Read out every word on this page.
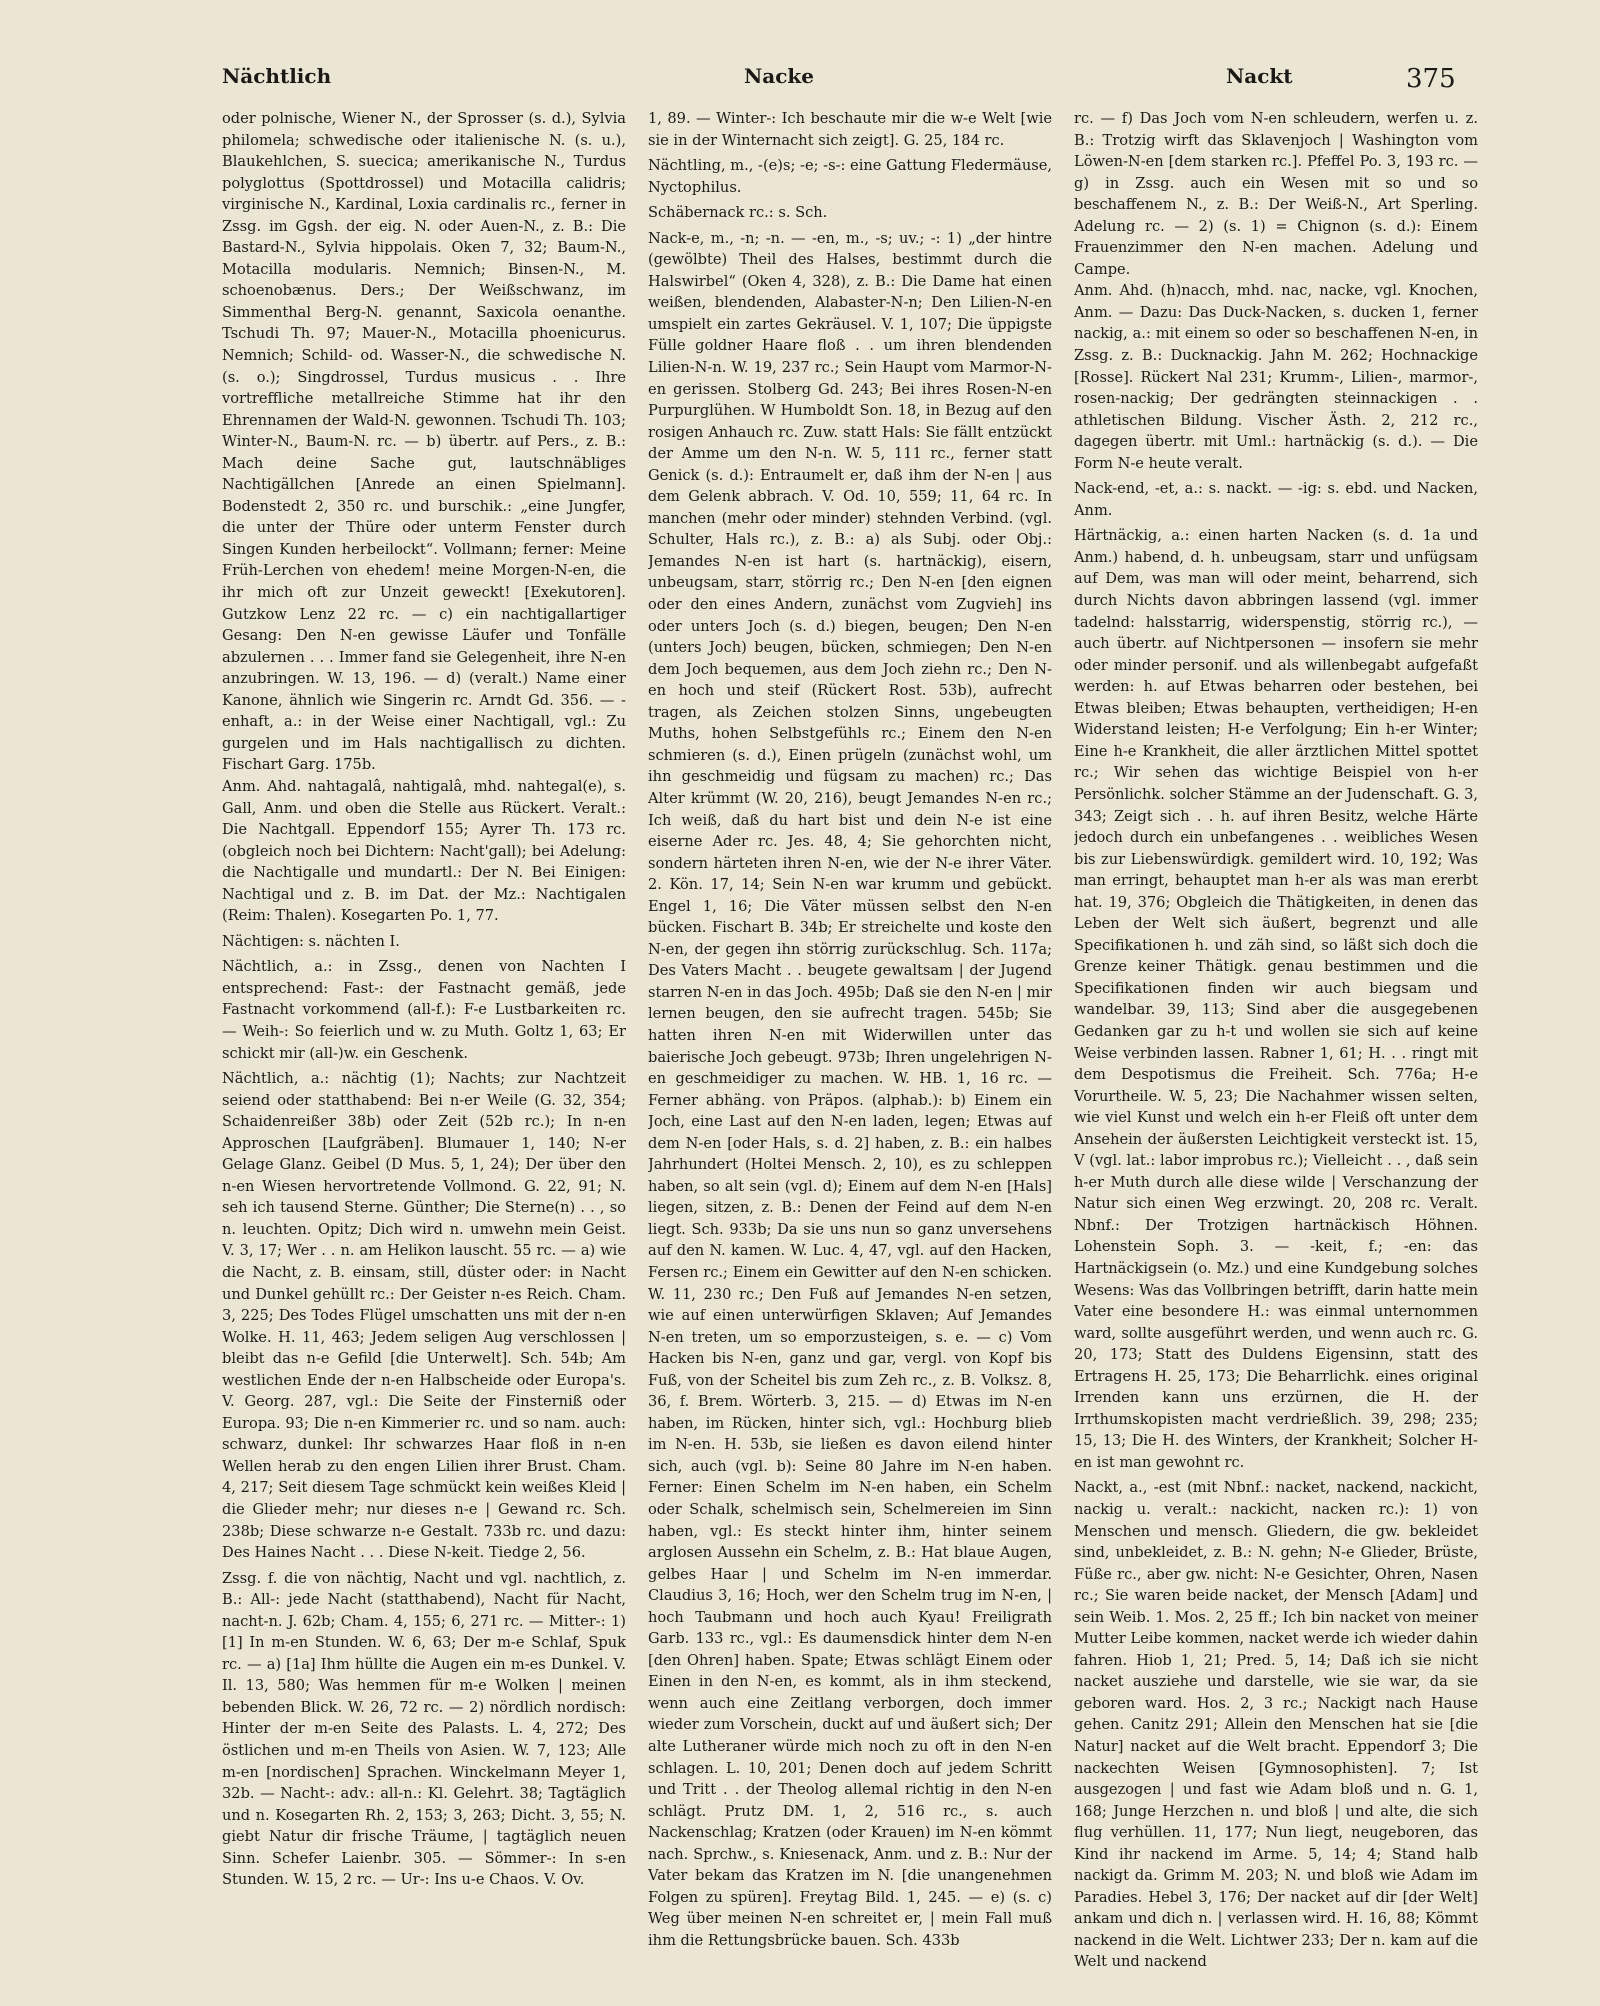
Nächtlich	Nacke	Nackt	375

oder polnische, Wiener N., der Sprosser (s. d.), Sylvia philomela; schwedische oder italienische N. (s. u.), Blaukehlchen, S. suecica; amerikanische N., Turdus polyglottus (Spottdrossel) und Motacilla calidris; virginische N., Kardinal, Loxia cardinalis rc., ferner in Zssg. im Ggsh. der eig. N. oder Auen-N., z. B.: Die Bastard-N., Sylvia hippolais. Oken 7, 32; Baum-N., Motacilla modularis. Nemnich; Binsen-N., M. schoenobænus. Ders.; Der Weißschwanz, im Simmenthal Berg-N. genannt, Saxicola oenanthe. Tschudi Th. 97; Mauer-N., Motacilla phoenicurus. Nemnich; Schild- od. Wasser-N., die schwedische N. (s. o.); Singdrossel, Turdus musicus . . Ihre vortreffliche metallreiche Stimme hat ihr den Ehrennamen der Wald-N. gewonnen. Tschudi Th. 103; Winter-N., Baum-N. rc. — b) übertr. auf Pers., z. B.: Mach deine Sache gut, lautschnäbliges Nachtigällchen [Anrede an einen Spielmann]. Bodenstedt 2, 350 rc. und burschik.: „eine Jungfer, die unter der Thüre oder unterm Fenster durch Singen Kunden herbeilockt“. Vollmann; ferner: Meine Früh-Lerchen von ehedem! meine Morgen-N-en, die ihr mich oft zur Unzeit geweckt! [Exekutoren]. Gutzkow Lenz 22 rc. — c) ein nachtigallartiger Gesang: Den N-en gewisse Läufer und Tonfälle abzulernen . . . Immer fand sie Gelegenheit, ihre N-en anzubringen. W. 13, 196. — d) (veralt.) Name einer Kanone, ähnlich wie Singerin rc. Arndt Gd. 356. — -enhaft, a.: in der Weise einer Nachtigall, vgl.: Zu gurgelen und im Hals nachtigallisch zu dichten. Fischart Garg. 175b.

Anm. Ahd. nahtagalâ, nahtigalâ, mhd. nahtegal(e), s. Gall, Anm. und oben die Stelle aus Rückert. Veralt.: Die Nachtgall. Eppendorf 155; Ayrer Th. 173 rc. (obgleich noch bei Dichtern: Nacht'gall); bei Adelung: die Nachtigalle und mundartl.: Der N. Bei Einigen: Nachtigal und z. B. im Dat. der Mz.: Nachtigalen (Reim: Thalen). Kosegarten Po. 1, 77.

Nächtigen: s. nächten I.

Nächtlich, a.: in Zssg., denen von Nachten I entsprechend: Fast-: der Fastnacht gemäß, jede Fastnacht vorkommend (all-f.): F-e Lustbarkeiten rc. — Weih-: So feierlich und w. zu Muth. Goltz 1, 63; Er schickt mir (all-)w. ein Geschenk.

Nächtlich, a.: nächtig (1); Nachts; zur Nachtzeit seiend oder statthabend: Bei n-er Weile (G. 32, 354; Schaidenreißer 38b) oder Zeit (52b rc.); In n-en Approschen [Laufgräben]. Blumauer 1, 140; N-er Gelage Glanz. Geibel (D Mus. 5, 1, 24); Der über den n-en Wiesen hervortretende Vollmond. G. 22, 91; N. seh ich tausend Sterne. Günther; Die Sterne(n) . . , so n. leuchten. Opitz; Dich wird n. umwehn mein Geist. V. 3, 17; Wer . . n. am Helikon lauscht. 55 rc. — a) wie die Nacht, z. B. einsam, still, düster oder: in Nacht und Dunkel gehüllt rc.: Der Geister n-es Reich. Cham. 3, 225; Des Todes Flügel umschatten uns mit der n-en Wolke. H. 11, 463; Jedem seligen Aug verschlossen | bleibt das n-e Gefild [die Unterwelt]. Sch. 54b; Am westlichen Ende der n-en Halbscheide oder Europa's. V. Georg. 287, vgl.: Die Seite der Finsterniß oder Europa. 93; Die n-en Kimmerier rc. und so nam. auch: schwarz, dunkel: Ihr schwarzes Haar floß in n-en Wellen herab zu den engen Lilien ihrer Brust. Cham. 4, 217; Seit diesem Tage schmückt kein weißes Kleid | die Glieder mehr; nur dieses n-e | Gewand rc. Sch. 238b; Diese schwarze n-e Gestalt. 733b rc. und dazu: Des Haines Nacht . . . Diese N-keit. Tiedge 2, 56.

Zssg. f. die von nächtig, Nacht und vgl. nachtlich, z. B.: All-: jede Nacht (statthabend), Nacht für Nacht, nacht-n. J. 62b; Cham. 4, 155; 6, 271 rc. — Mitter-: 1) [1] In m-en Stunden. W. 6, 63; Der m-e Schlaf, Spuk rc. — a) [1a] Ihm hüllte die Augen ein m-es Dunkel. V. Il. 13, 580; Was hemmen für m-e Wolken | meinen bebenden Blick. W. 26, 72 rc. — 2) nördlich nordisch: Hinter der m-en Seite des Palasts. L. 4, 272; Des östlichen und m-en Theils von Asien. W. 7, 123; Alle m-en [nordischen] Sprachen. Winckelmann Meyer 1, 32b. — Nacht-: adv.: all-n.: Kl. Gelehrt. 38; Tagtäglich und n. Kosegarten Rh. 2, 153; 3, 263; Dicht. 3, 55; N. giebt Natur dir frische Träume, | tagtäglich neuen Sinn. Schefer Laienbr. 305. — Sömmer-: In s-en Stunden. W. 15, 2 rc. — Ur-: Ins u-e Chaos. V. Ov.

1, 89. — Winter-: Ich beschaute mir die w-e Welt [wie sie in der Winternacht sich zeigt]. G. 25, 184 rc.

Nächtling, m., -(e)s; -e; -s-: eine Gattung Fledermäuse, Nyctophilus.

Schäbernack rc.: s. Sch.

Nack-e, m., -n; -n. — -en, m., -s; uv.; -: 1) „der hintre (gewölbte) Theil des Halses, bestimmt durch die Halswirbel“ (Oken 4, 328), z. B.: Die Dame hat einen weißen, blendenden, Alabaster-N-n; Den Lilien-N-en umspielt ein zartes Gekräusel. V. 1, 107; Die üppigste Fülle goldner Haare floß . . um ihren blendenden Lilien-N-n. W. 19, 237 rc.; Sein Haupt vom Marmor-N-en gerissen. Stolberg Gd. 243; Bei ihres Rosen-N-en Purpurglühen. W Humboldt Son. 18, in Bezug auf den rosigen Anhauch rc. Zuw. statt Hals: Sie fällt entzückt der Amme um den N-n. W. 5, 111 rc., ferner statt Genick (s. d.): Entraumelt er, daß ihm der N-en | aus dem Gelenk abbrach. V. Od. 10, 559; 11, 64 rc. In manchen (mehr oder minder) stehnden Verbind. (vgl. Schulter, Hals rc.), z. B.: a) als Subj. oder Obj.: Jemandes N-en ist hart (s. hartnäckig), eisern, unbeugsam, starr, störrig rc.; Den N-en [den eignen oder den eines Andern, zunächst vom Zugvieh] ins oder unters Joch (s. d.) biegen, beugen; Den N-en (unters Joch) beugen, bücken, schmiegen; Den N-en dem Joch bequemen, aus dem Joch ziehn rc.; Den N-en hoch und steif (Rückert Rost. 53b), aufrecht tragen, als Zeichen stolzen Sinns, ungebeugten Muths, hohen Selbstgefühls rc.; Einem den N-en schmieren (s. d.), Einen prügeln (zunächst wohl, um ihn geschmeidig und fügsam zu machen) rc.; Das Alter krümmt (W. 20, 216), beugt Jemandes N-en rc.; Ich weiß, daß du hart bist und dein N-e ist eine eiserne Ader rc. Jes. 48, 4; Sie gehorchten nicht, sondern härteten ihren N-en, wie der N-e ihrer Väter. 2. Kön. 17, 14; Sein N-en war krumm und gebückt. Engel 1, 16; Die Väter müssen selbst den N-en bücken. Fischart B. 34b; Er streichelte und koste den N-en, der gegen ihn störrig zurückschlug. Sch. 117a; Des Vaters Macht . . beugete gewaltsam | der Jugend starren N-en in das Joch. 495b; Daß sie den N-en | mir lernen beugen, den sie aufrecht tragen. 545b; Sie hatten ihren N-en mit Widerwillen unter das baierische Joch gebeugt. 973b; Ihren ungelehrigen N-en geschmeidiger zu machen. W. HB. 1, 16 rc. — Ferner abhäng. von Präpos. (alphab.): b) Einem ein Joch, eine Last auf den N-en laden, legen; Etwas auf dem N-en [oder Hals, s. d. 2] haben, z. B.: ein halbes Jahrhundert (Holtei Mensch. 2, 10), es zu schleppen haben, so alt sein (vgl. d); Einem auf dem N-en [Hals] liegen, sitzen, z. B.: Denen der Feind auf dem N-en liegt. Sch. 933b; Da sie uns nun so ganz unversehens auf den N. kamen. W. Luc. 4, 47, vgl. auf den Hacken, Fersen rc.; Einem ein Gewitter auf den N-en schicken. W. 11, 230 rc.; Den Fuß auf Jemandes N-en setzen, wie auf einen unterwürfigen Sklaven; Auf Jemandes N-en treten, um so emporzusteigen, s. e. — c) Vom Hacken bis N-en, ganz und gar, vergl. von Kopf bis Fuß, von der Scheitel bis zum Zeh rc., z. B. Volksz. 8, 36, f. Brem. Wörterb. 3, 215. — d) Etwas im N-en haben, im Rücken, hinter sich, vgl.: Hochburg blieb im N-en. H. 53b, sie ließen es davon eilend hinter sich, auch (vgl. b): Seine 80 Jahre im N-en haben. Ferner: Einen Schelm im N-en haben, ein Schelm oder Schalk, schelmisch sein, Schelmereien im Sinn haben, vgl.: Es steckt hinter ihm, hinter seinem arglosen Aussehn ein Schelm, z. B.: Hat blaue Augen, gelbes Haar | und Schelm im N-en immerdar. Claudius 3, 16; Hoch, wer den Schelm trug im N-en, | hoch Taubmann und hoch auch Kyau! Freiligrath Garb. 133 rc., vgl.: Es daumensdick hinter dem N-en [den Ohren] haben. Spate; Etwas schlägt Einem oder Einen in den N-en, es kommt, als in ihm steckend, wenn auch eine Zeitlang verborgen, doch immer wieder zum Vorschein, duckt auf und äußert sich; Der alte Lutheraner würde mich noch zu oft in den N-en schlagen. L. 10, 201; Denen doch auf jedem Schritt und Tritt . . der Theolog allemal richtig in den N-en schlägt. Prutz DM. 1, 2, 516 rc., s. auch Nackenschlag; Kratzen (oder Krauen) im N-en kömmt nach. Sprchw., s. Kniesenack, Anm. und z. B.: Nur der Vater bekam das Kratzen im N. [die unangenehmen Folgen zu spüren]. Freytag Bild. 1, 245. — e) (s. c) Weg über meinen N-en schreitet er, | mein Fall muß ihm die Rettungsbrücke bauen. Sch. 433b

rc. — f) Das Joch vom N-en schleudern, werfen u. z. B.: Trotzig wirft das Sklavenjoch | Washington vom Löwen-N-en [dem starken rc.]. Pfeffel Po. 3, 193 rc. — g) in Zssg. auch ein Wesen mit so und so beschaffenem N., z. B.: Der Weiß-N., Art Sperling. Adelung rc. — 2) (s. 1) = Chignon (s. d.): Einem Frauenzimmer den N-en machen. Adelung und Campe.

Anm. Ahd. (h)nacch, mhd. nac, nacke, vgl. Knochen, Anm. — Dazu: Das Duck-Nacken, s. ducken 1, ferner nackig, a.: mit einem so oder so beschaffenen N-en, in Zssg. z. B.: Ducknackig. Jahn M. 262; Hochnackige [Rosse]. Rückert Nal 231; Krumm-, Lilien-, marmor-, rosen-nackig; Der gedrängten steinnackigen . . athletischen Bildung. Vischer Ästh. 2, 212 rc., dagegen übertr. mit Uml.: hartnäckig (s. d.). — Die Form N-e heute veralt.

Nack-end, -et, a.: s. nackt. — -ig: s. ebd. und Nacken, Anm.

Härtnäckig, a.: einen harten Nacken (s. d. 1a und Anm.) habend, d. h. unbeugsam, starr und unfügsam auf Dem, was man will oder meint, beharrend, sich durch Nichts davon abbringen lassend (vgl. immer tadelnd: halsstarrig, widerspenstig, störrig rc.), — auch übertr. auf Nichtpersonen — insofern sie mehr oder minder personif. und als willenbegabt aufgefaßt werden: h. auf Etwas beharren oder bestehen, bei Etwas bleiben; Etwas behaupten, vertheidigen; H-en Widerstand leisten; H-e Verfolgung; Ein h-er Winter; Eine h-e Krankheit, die aller ärztlichen Mittel spottet rc.; Wir sehen das wichtige Beispiel von h-er Persönlichk. solcher Stämme an der Judenschaft. G. 3, 343; Zeigt sich . . h. auf ihren Besitz, welche Härte jedoch durch ein unbefangenes . . weibliches Wesen bis zur Liebenswürdigk. gemildert wird. 10, 192; Was man erringt, behauptet man h-er als was man ererbt hat. 19, 376; Obgleich die Thätigkeiten, in denen das Leben der Welt sich äußert, begrenzt und alle Specifikationen h. und zäh sind, so läßt sich doch die Grenze keiner Thätigk. genau bestimmen und die Specifikationen finden wir auch biegsam und wandelbar. 39, 113; Sind aber die ausgegebenen Gedanken gar zu h-t und wollen sie sich auf keine Weise verbinden lassen. Rabner 1, 61; H. . . ringt mit dem Despotismus die Freiheit. Sch. 776a; H-e Vorurtheile. W. 5, 23; Die Nachahmer wissen selten, wie viel Kunst und welch ein h-er Fleiß oft unter dem Ansehein der äußersten Leichtigkeit versteckt ist. 15, V (vgl. lat.: labor improbus rc.); Vielleicht . . , daß sein h-er Muth durch alle diese wilde | Verschanzung der Natur sich einen Weg erzwingt. 20, 208 rc. Veralt. Nbnf.: Der Trotzigen hartnäckisch Höhnen. Lohenstein Soph. 3. — -keit, f.; -en: das Hartnäckigsein (o. Mz.) und eine Kundgebung solches Wesens: Was das Vollbringen betrifft, darin hatte mein Vater eine besondere H.: was einmal unternommen ward, sollte ausgeführt werden, und wenn auch rc. G. 20, 173; Statt des Duldens Eigensinn, statt des Ertragens H. 25, 173; Die Beharrlichk. eines original Irrenden kann uns erzürnen, die H. der Irrthumskopisten macht verdrießlich. 39, 298; 235; 15, 13; Die H. des Winters, der Krankheit; Solcher H-en ist man gewohnt rc.

Nackt, a., -est (mit Nbnf.: nacket, nackend, nackicht, nackig u. veralt.: nackicht, nacken rc.): 1) von Menschen und mensch. Gliedern, die gw. bekleidet sind, unbekleidet, z. B.: N. gehn; N-e Glieder, Brüste, Füße rc., aber gw. nicht: N-e Gesichter, Ohren, Nasen rc.; Sie waren beide nacket, der Mensch [Adam] und sein Weib. 1. Mos. 2, 25 ff.; Ich bin nacket von meiner Mutter Leibe kommen, nacket werde ich wieder dahin fahren. Hiob 1, 21; Pred. 5, 14; Daß ich sie nicht nacket ausziehe und darstelle, wie sie war, da sie geboren ward. Hos. 2, 3 rc.; Nackigt nach Hause gehen. Canitz 291; Allein den Menschen hat sie [die Natur] nacket auf die Welt bracht. Eppendorf 3; Die nackechten Weisen [Gymnosophisten]. 7; Ist ausgezogen | und fast wie Adam bloß und n. G. 1, 168; Junge Herzchen n. und bloß | und alte, die sich flug verhüllen. 11, 177; Nun liegt, neugeboren, das Kind ihr nackend im Arme. 5, 14; 4; Stand halb nackigt da. Grimm M. 203; N. und bloß wie Adam im Paradies. Hebel 3, 176; Der nacket auf dir [der Welt] ankam und dich n. | verlassen wird. H. 16, 88; Kömmt nackend in die Welt. Lichtwer 233; Der n. kam auf die Welt und nackend
